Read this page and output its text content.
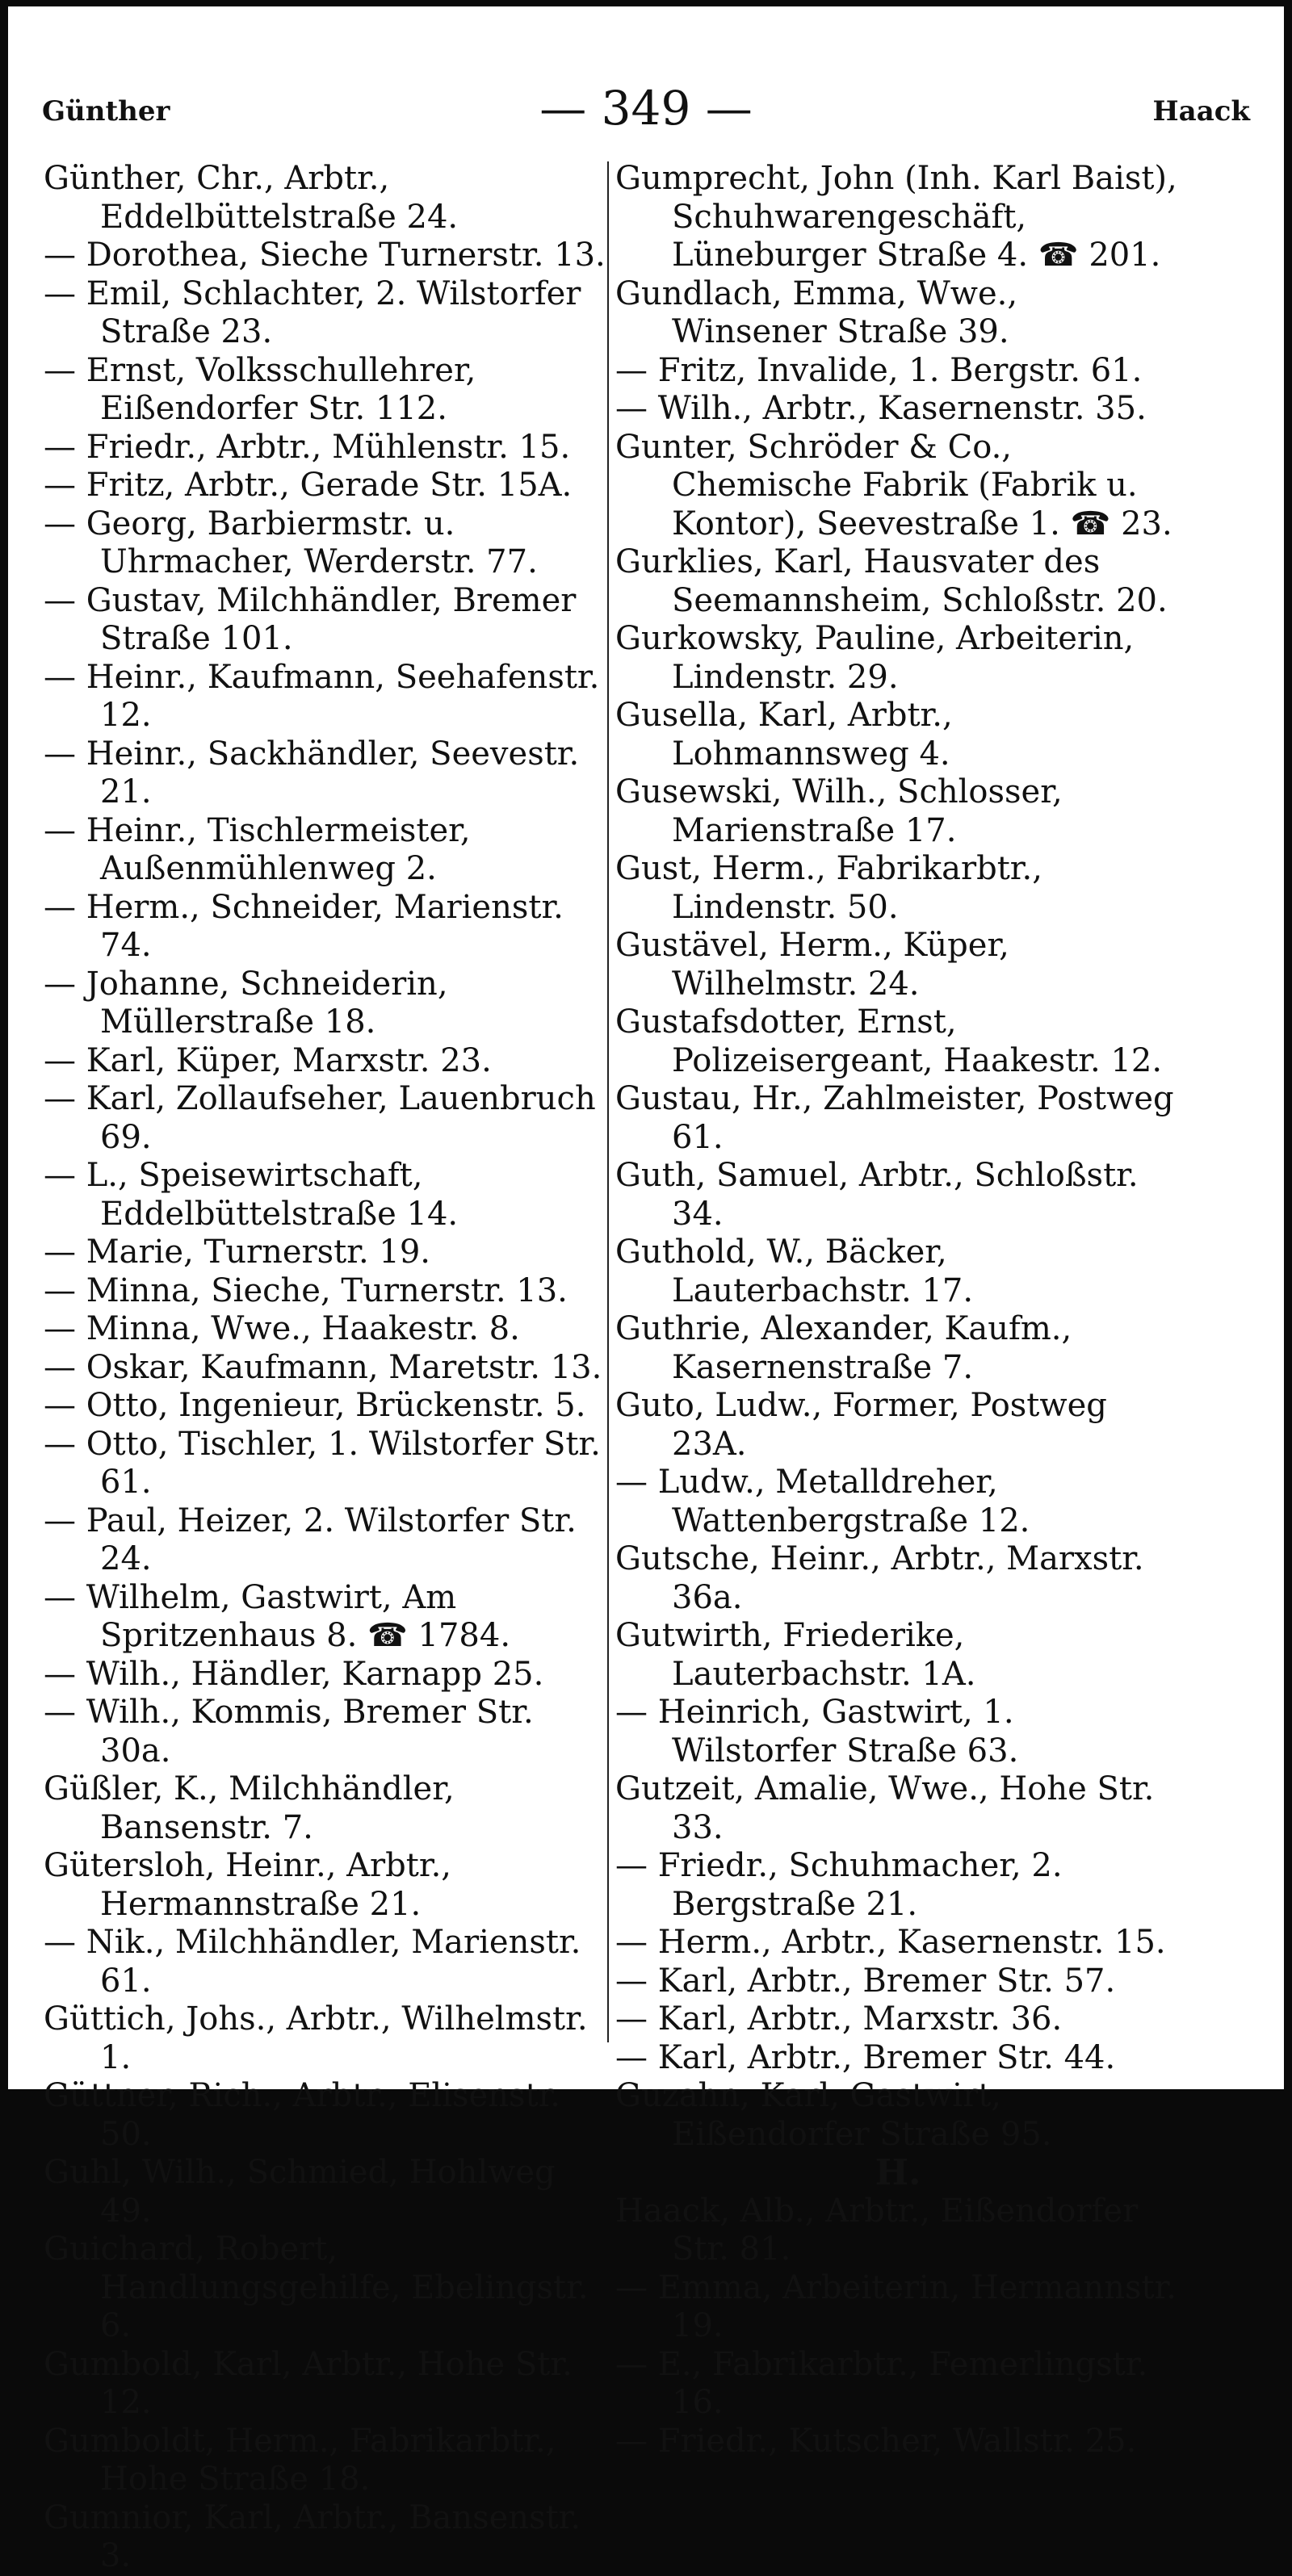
Günther	— 349 —	Haack

Günther, Chr., Arbtr., Eddelbüttelstraße 24.

— Dorothea, Sieche Turnerstr. 13.

— Emil, Schlachter, 2. Wilstorfer Straße 23.

— Ernst, Volksschullehrer, Eißendorfer Str. 112.

— Friedr., Arbtr., Mühlenstr. 15.

— Fritz, Arbtr., Gerade Str. 15A.

— Georg, Barbiermstr. u. Uhrmacher, Werderstr. 77.

— Gustav, Milchhändler, Bremer Straße 101.

— Heinr., Kaufmann, Seehafenstr. 12.

— Heinr., Sackhändler, Seevestr. 21.

— Heinr., Tischlermeister, Außenmühlenweg 2.

— Herm., Schneider, Marienstr. 74.

— Johanne, Schneiderin, Müllerstraße 18.

— Karl, Küper, Marxstr. 23.

— Karl, Zollaufseher, Lauenbruch 69.

— L., Speisewirtschaft, Eddelbüttelstraße 14.

— Marie, Turnerstr. 19.

— Minna, Sieche, Turnerstr. 13.

— Minna, Wwe., Haakestr. 8.

— Oskar, Kaufmann, Maretstr. 13.

— Otto, Ingenieur, Brückenstr. 5.

— Otto, Tischler, 1. Wilstorfer Str. 61.

— Paul, Heizer, 2. Wilstorfer Str. 24.

— Wilhelm, Gastwirt, Am Spritzenhaus 8. ☎ 1784.

— Wilh., Händler, Karnapp 25.

— Wilh., Kommis, Bremer Str. 30a.

Güßler, K., Milchhändler, Bansenstr. 7.

Gütersloh, Heinr., Arbtr., Hermannstraße 21.

— Nik., Milchhändler, Marienstr. 61.

Güttich, Johs., Arbtr., Wilhelmstr. 1.

Güttner, Rich., Arbtr., Elisenstr. 50.

Guhl, Wilh., Schmied, Hohlweg 49.

Guichard, Robert, Handlungsgehilfe, Ebelingstr. 6.

Gumbold, Karl, Arbtr., Hohe Str. 12.

Gumboldt, Herm., Fabrikarbtr., Hohe Straße 18.

Gumnior, Karl, Arbtr., Bansenstr. 3.

Gumprecht, John (Inh. Karl Baist), Schuhwarengeschäft, Lüneburger Straße 4. ☎ 201.

Gundlach, Emma, Wwe., Winsener Straße 39.

— Fritz, Invalide, 1. Bergstr. 61.

— Wilh., Arbtr., Kasernenstr. 35.

Gunter, Schröder & Co., Chemische Fabrik (Fabrik u. Kontor), Seevestraße 1. ☎ 23.

Gurklies, Karl, Hausvater des Seemannsheim, Schloßstr. 20.

Gurkowsky, Pauline, Arbeiterin, Lindenstr. 29.

Gusella, Karl, Arbtr., Lohmannsweg 4.

Gusewski, Wilh., Schlosser, Marienstraße 17.

Gust, Herm., Fabrikarbtr., Lindenstr. 50.

Gustävel, Herm., Küper, Wilhelmstr. 24.

Gustafsdotter, Ernst, Polizeisergeant, Haakestr. 12.

Gustau, Hr., Zahlmeister, Postweg 61.

Guth, Samuel, Arbtr., Schloßstr. 34.

Guthold, W., Bäcker, Lauterbachstr. 17.

Guthrie, Alexander, Kaufm., Kasernenstraße 7.

Guto, Ludw., Former, Postweg 23A.

— Ludw., Metalldreher, Wattenbergstraße 12.

Gutsche, Heinr., Arbtr., Marxstr. 36a.

Gutwirth, Friederike, Lauterbachstr. 1A.

— Heinrich, Gastwirt, 1. Wilstorfer Straße 63.

Gutzeit, Amalie, Wwe., Hohe Str. 33.

— Friedr., Schuhmacher, 2. Bergstraße 21.

— Herm., Arbtr., Kasernenstr. 15.

— Karl, Arbtr., Bremer Str. 57.

— Karl, Arbtr., Marxstr. 36.

— Karl, Arbtr., Bremer Str. 44.

Guzahn, Karl, Gastwirt, Eißendorfer Straße 95.

H.

Haack, Alb., Arbtr., Eißendorfer Str. 81.

— Emma, Arbeiterin, Hermannstr. 19.

— E., Fabrikarbtr., Femerlingstr. 16.

— Friedr., Kutscher, Wallstr. 25.
